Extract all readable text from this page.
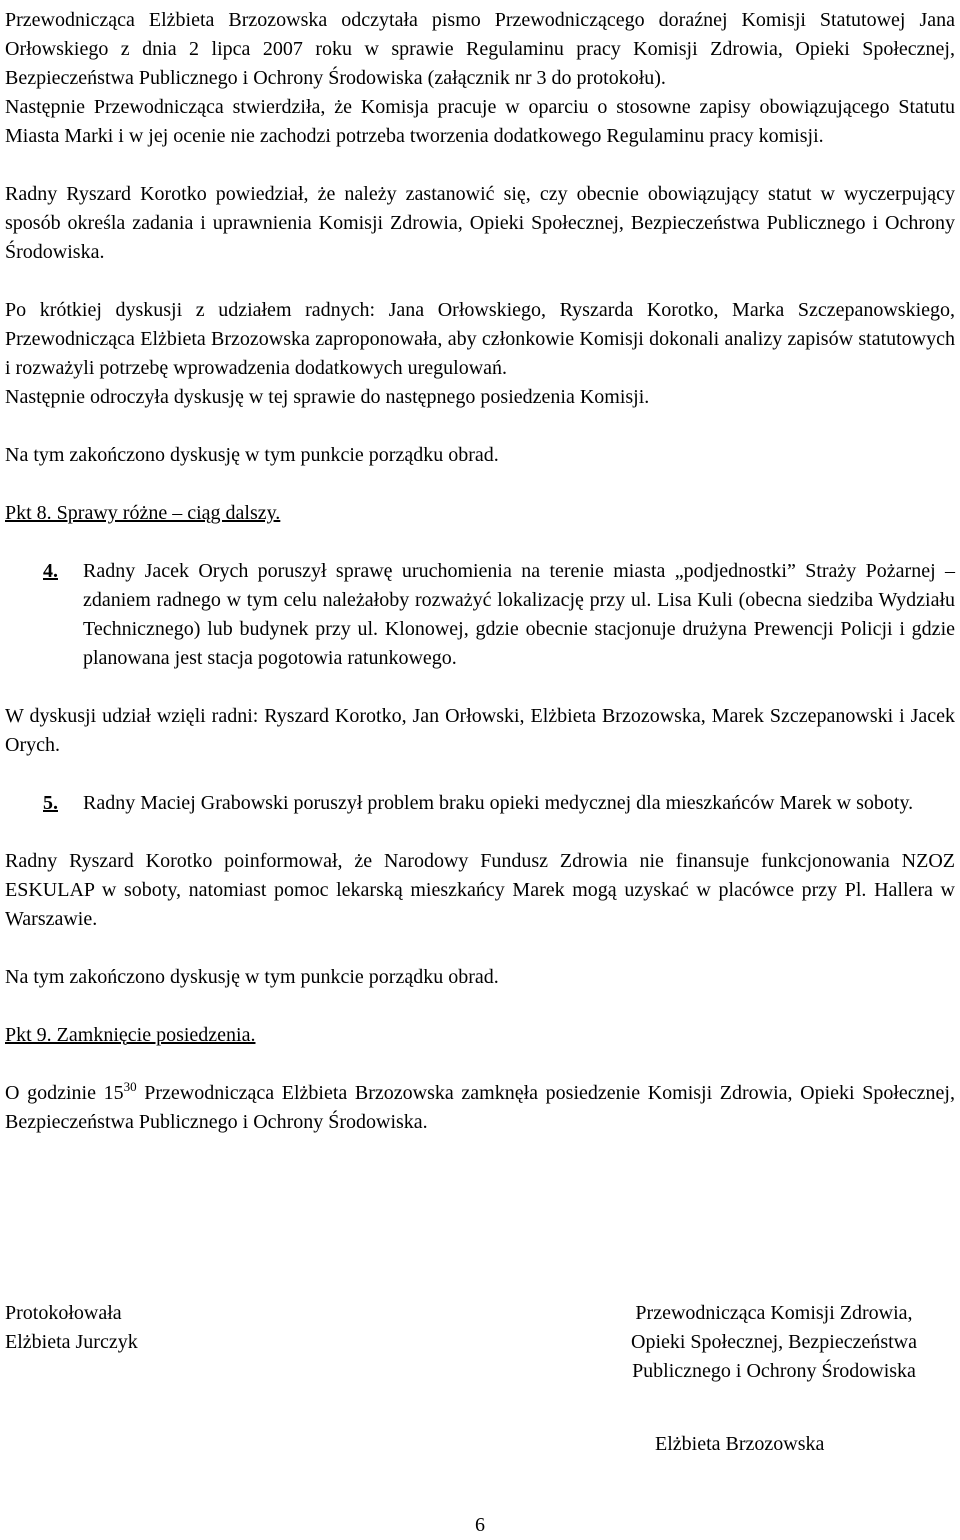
Przewodnicząca Elżbieta Brzozowska odczytała pismo Przewodniczącego doraźnej Komisji Statutowej Jana Orłowskiego z dnia 2 lipca 2007 roku w sprawie Regulaminu pracy Komisji Zdrowia, Opieki Społecznej, Bezpieczeństwa Publicznego i Ochrony Środowiska (załącznik nr 3 do protokołu).

Następnie Przewodnicząca stwierdziła, że Komisja pracuje w oparciu o stosowne zapisy obowiązującego Statutu Miasta Marki i w jej ocenie nie zachodzi potrzeba tworzenia dodatkowego Regulaminu pracy komisji.

Radny Ryszard Korotko powiedział, że należy zastanowić się, czy obecnie obowiązujący statut w wyczerpujący sposób określa zadania i uprawnienia Komisji Zdrowia, Opieki Społecznej, Bezpieczeństwa Publicznego i Ochrony Środowiska.

Po krótkiej dyskusji z udziałem radnych: Jana Orłowskiego, Ryszarda Korotko, Marka Szczepanowskiego, Przewodnicząca Elżbieta Brzozowska zaproponowała, aby członkowie Komisji dokonali analizy zapisów statutowych i rozważyli potrzebę wprowadzenia dodatkowych uregulowań.

Następnie odroczyła dyskusję w tej sprawie do następnego posiedzenia Komisji.

Na tym zakończono dyskusję w tym punkcie porządku obrad.

Pkt 8. Sprawy różne – ciąg dalszy.

4. Radny Jacek Orych poruszył sprawę uruchomienia na terenie miasta „podjednostki” Straży Pożarnej – zdaniem radnego w tym celu należałoby rozważyć lokalizację przy ul. Lisa Kuli (obecna siedziba Wydziału Technicznego) lub budynek przy ul. Klonowej, gdzie obecnie stacjonuje drużyna Prewencji Policji i gdzie planowana jest stacja pogotowia ratunkowego.

W dyskusji udział wzięli radni: Ryszard Korotko, Jan Orłowski, Elżbieta Brzozowska, Marek Szczepanowski i Jacek Orych.

5. Radny Maciej Grabowski poruszył problem braku opieki medycznej dla mieszkańców Marek w soboty.

Radny Ryszard Korotko poinformował, że Narodowy Fundusz Zdrowia nie finansuje funkcjonowania NZOZ ESKULAP w soboty, natomiast pomoc lekarską mieszkańcy Marek mogą uzyskać w placówce przy Pl. Hallera w Warszawie.

Na tym zakończono dyskusję w tym punkcie porządku obrad.

Pkt 9. Zamknięcie posiedzenia.

O godzinie $15^{30}$ Przewodnicząca Elżbieta Brzozowska zamknęła posiedzenie Komisji Zdrowia, Opieki Społecznej, Bezpieczeństwa Publicznego i Ochrony Środowiska.

Protokołowała
Elżbieta Jurczyk
Przewodnicząca Komisji Zdrowia,
Opieki Społecznej, Bezpieczeństwa
Publicznego i Ochrony Środowiska
Elżbieta Brzozowska
6
